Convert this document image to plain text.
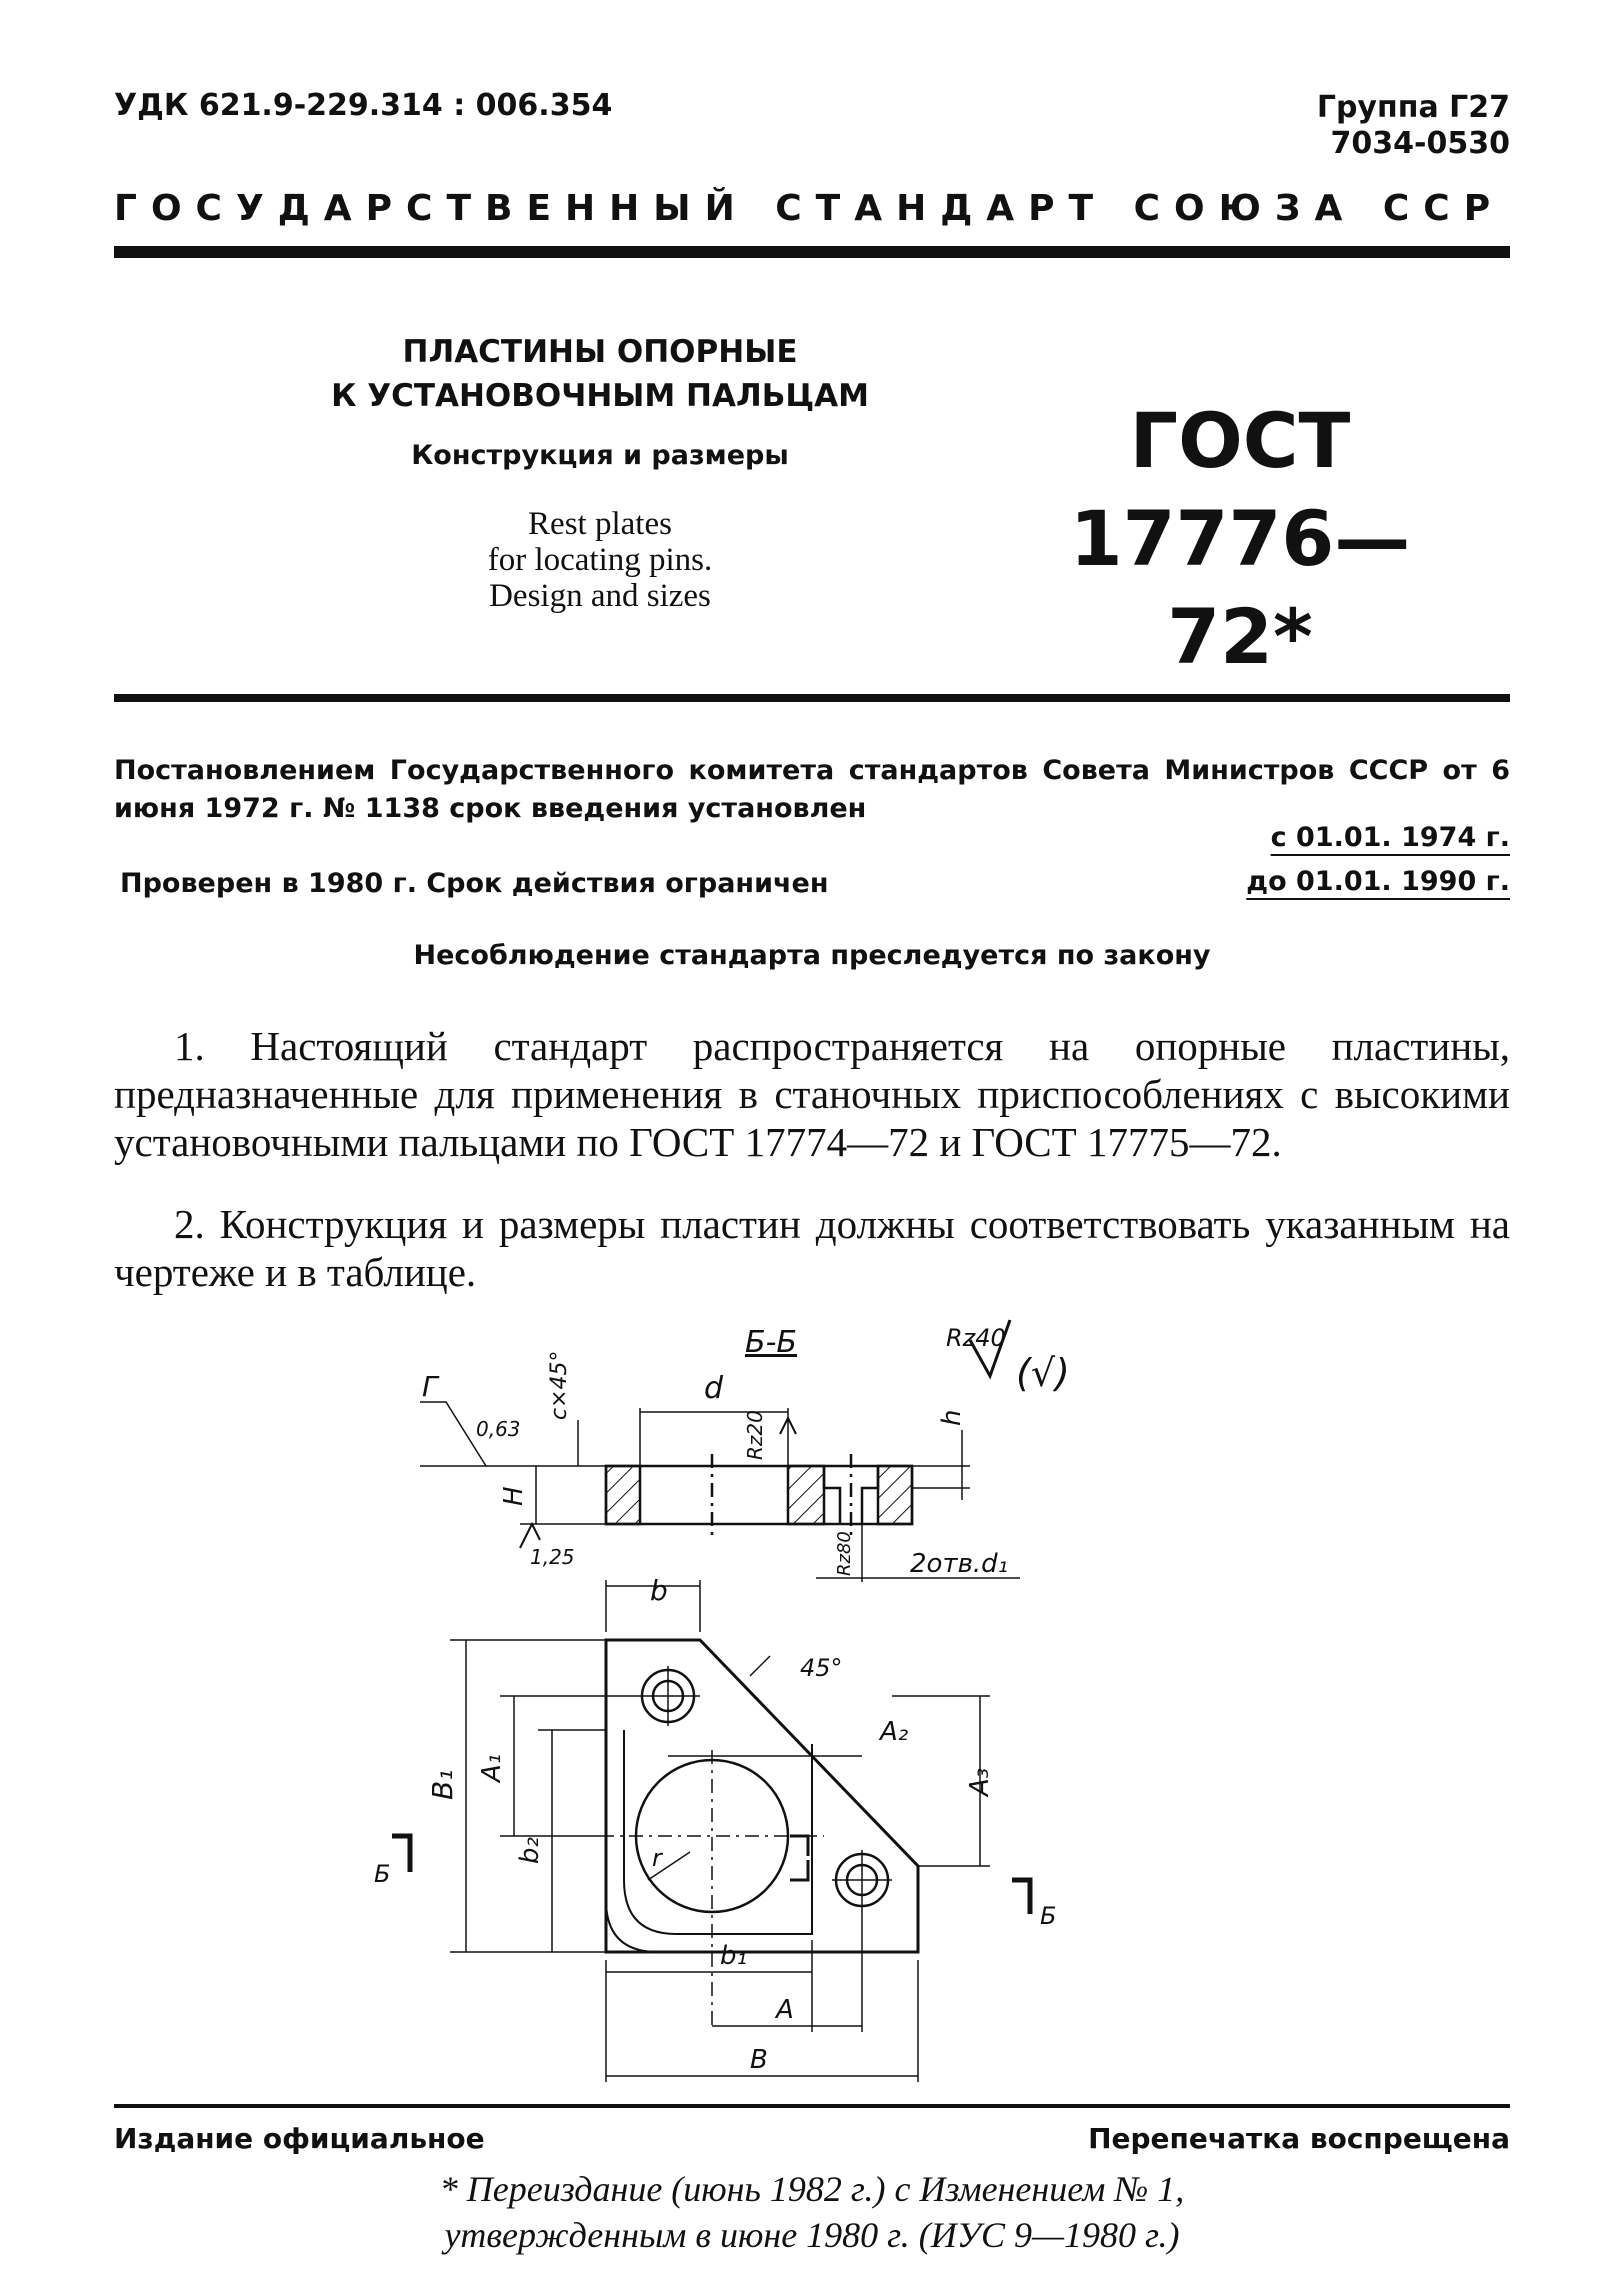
УДК 621.9-229.314 : 006.354	Группа Г27
7034-0530
ГОСУДАРСТВЕННЫЙ СТАНДАРТ СОЮЗА ССР
ПЛАСТИНЫ ОПОРНЫЕ
К УСТАНОВОЧНЫМ ПАЛЬЦАМ
Конструкция и размеры
Rest plates
for locating pins.
Design and sizes
ГОСТ
17776—72*
Постановлением Государственного комитета стандартов Совета Министров СССР от 6 июня 1972 г. № 1138 срок введения установлен
с 01.01. 1974 г.
Проверен в 1980 г. Срок действия ограничен	до 01.01. 1990 г.
Несоблюдение стандарта преследуется по закону
1. Настоящий стандарт распространяется на опорные пластины, предназначенные для применения в станочных приспособлениях с высокими установочными пальцами по ГОСТ 17774—72 и ГОСТ 17775—72.
2. Конструкция и размеры пластин должны соответствовать указанным на чертеже и в таблице.
Б-Б	Rz40
(√)
Г
0,63
c×45°	d
Rz20	h
H
1,25	Rz80 2отв.d₁
b
45°
A₂
B₁
A₁	A₃
r
b₂
Б
Б
b₁
A
B
Издание официальное	Перепечатка воспрещена
* Переиздание (июнь 1982 г.) с Изменением № 1,
утвержденным в июне 1980 г. (ИУС 9—1980 г.)
